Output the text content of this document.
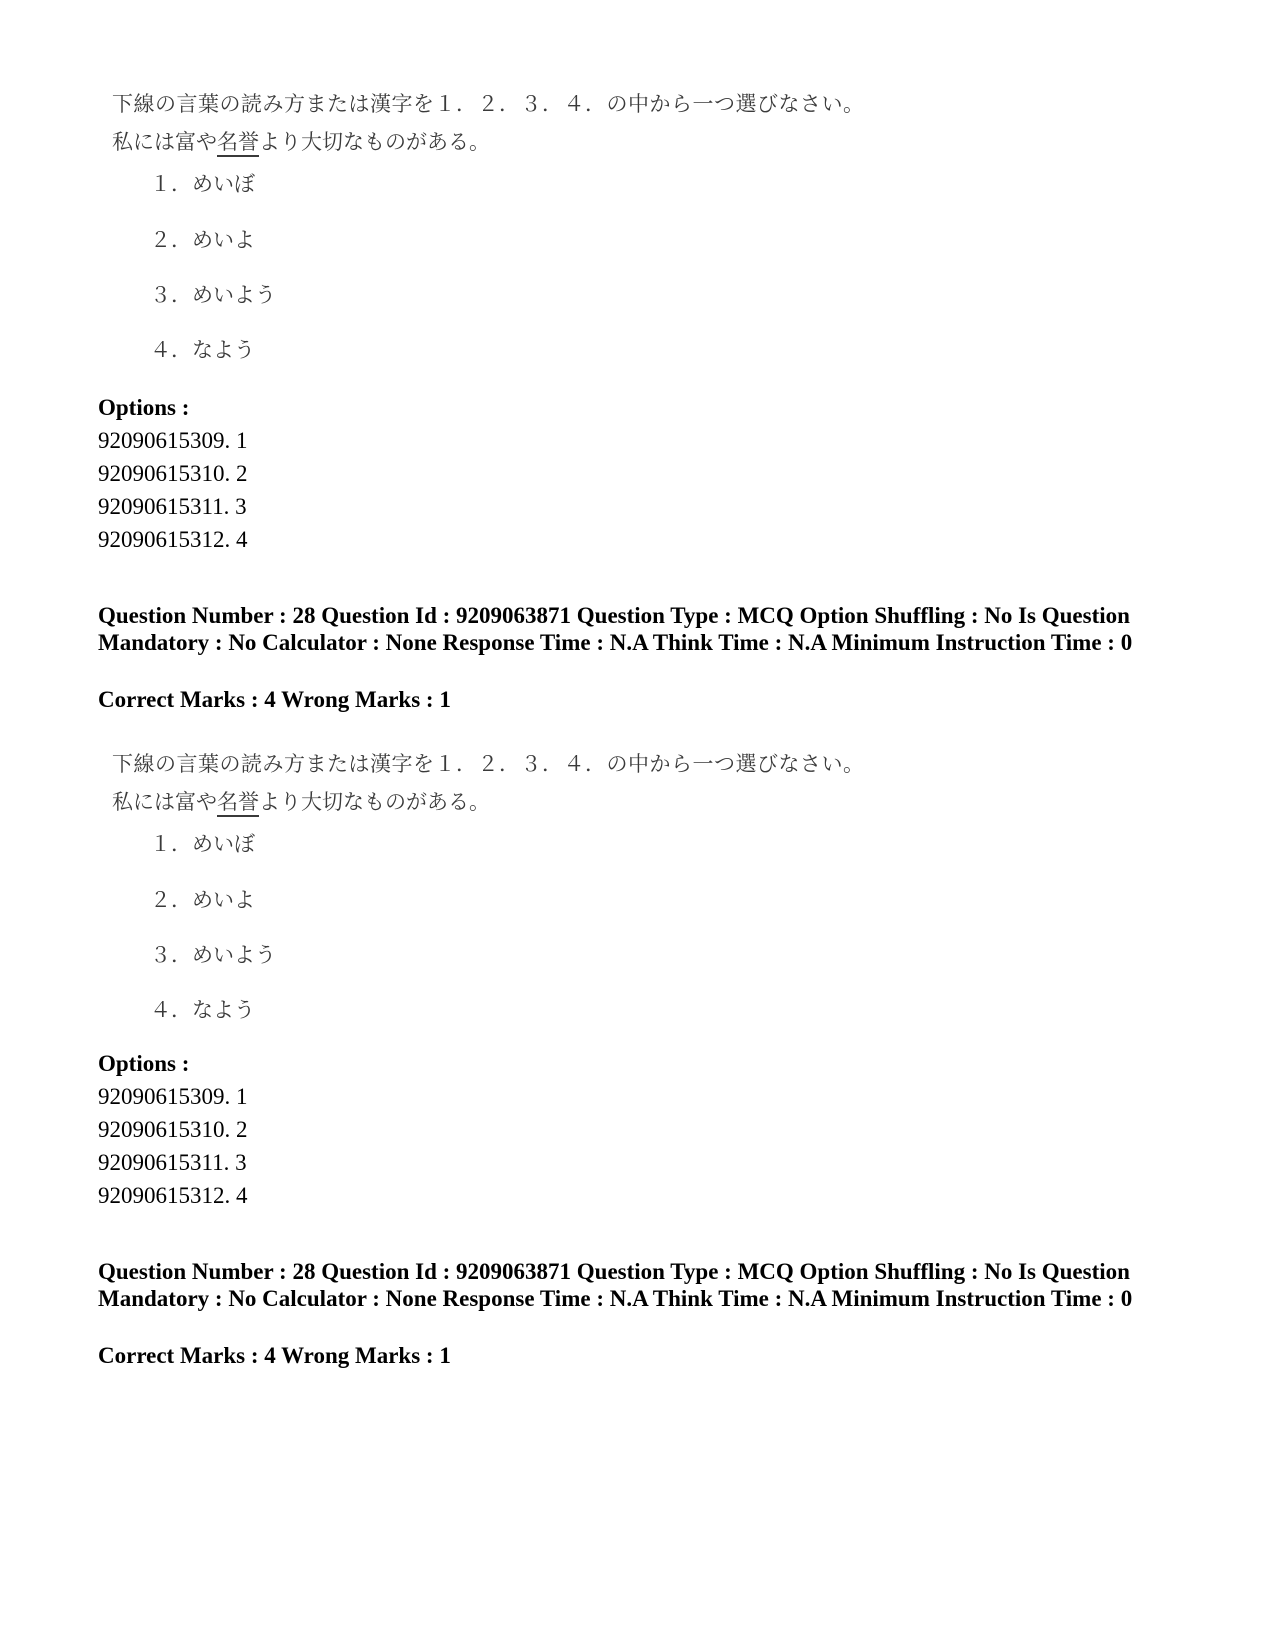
下線の言葉の読み方または漢字を１．２．３．４．の中から一つ選びなさい。
私には富や名誉より大切なものがある。
１．めいぼ
２．めいよ
３．めいよう
４．なよう
Options :
92090615309. 1
92090615310. 2
92090615311. 3
92090615312. 4
Question Number : 28 Question Id : 9209063871 Question Type : MCQ Option Shuffling : No Is Question Mandatory : No Calculator : None Response Time : N.A Think Time : N.A Minimum Instruction Time : 0
Correct Marks : 4 Wrong Marks : 1
下線の言葉の読み方または漢字を１．２．３．４．の中から一つ選びなさい。
私には富や名誉より大切なものがある。
１．めいぼ
２．めいよ
３．めいよう
４．なよう
Options :
92090615309. 1
92090615310. 2
92090615311. 3
92090615312. 4
Question Number : 28 Question Id : 9209063871 Question Type : MCQ Option Shuffling : No Is Question Mandatory : No Calculator : None Response Time : N.A Think Time : N.A Minimum Instruction Time : 0
Correct Marks : 4 Wrong Marks : 1
